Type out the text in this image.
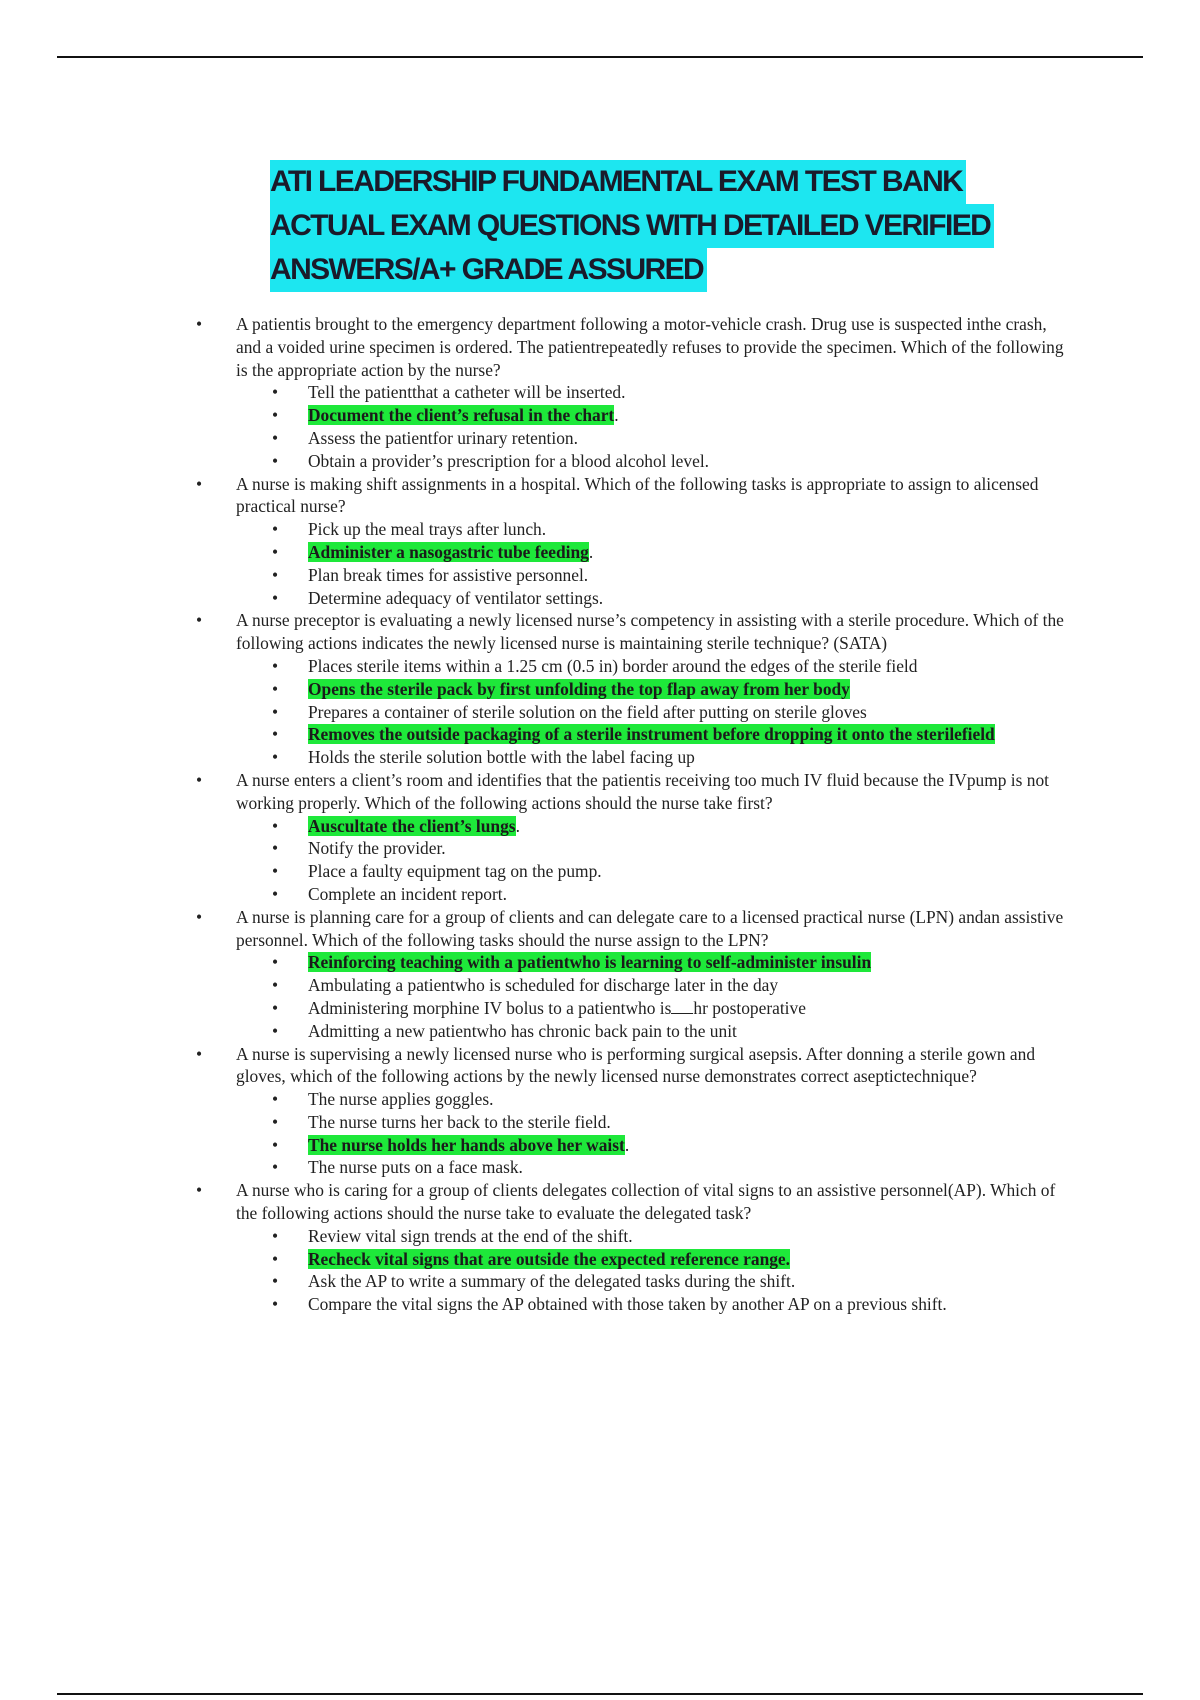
ATI LEADERSHIP FUNDAMENTAL EXAM TEST BANK
ACTUAL EXAM QUESTIONS WITH DETAILED VERIFIED
ANSWERS/A+ GRADE ASSURED
• A patientis brought to the emergency department following a motor-vehicle crash. Drug use is suspected inthe crash, and a voided urine specimen is ordered. The patientrepeatedly refuses to provide the specimen. Which of the following is the appropriate action by the nurse?
• Tell the patientthat a catheter will be inserted.
• Document the client’s refusal in the chart.
• Assess the patientfor urinary retention.
• Obtain a provider’s prescription for a blood alcohol level.
• A nurse is making shift assignments in a hospital. Which of the following tasks is appropriate to assign to alicensed practical nurse?
• Pick up the meal trays after lunch.
• Administer a nasogastric tube feeding.
• Plan break times for assistive personnel.
• Determine adequacy of ventilator settings.
• A nurse preceptor is evaluating a newly licensed nurse’s competency in assisting with a sterile procedure. Which of the following actions indicates the newly licensed nurse is maintaining sterile technique? (SATA)
• Places sterile items within a 1.25 cm (0.5 in) border around the edges of the sterile field
• Opens the sterile pack by first unfolding the top flap away from her body
• Prepares a container of sterile solution on the field after putting on sterile gloves
• Removes the outside packaging of a sterile instrument before dropping it onto the sterilefield
• Holds the sterile solution bottle with the label facing up
• A nurse enters a client’s room and identifies that the patientis receiving too much IV fluid because the IVpump is not working properly. Which of the following actions should the nurse take first?
• Auscultate the client’s lungs.
• Notify the provider.
• Place a faulty equipment tag on the pump.
• Complete an incident report.
• A nurse is planning care for a group of clients and can delegate care to a licensed practical nurse (LPN) andan assistive personnel. Which of the following tasks should the nurse assign to the LPN?
• Reinforcing teaching with a patientwho is learning to self-administer insulin
• Ambulating a patientwho is scheduled for discharge later in the day
• Administering morphine IV bolus to a patientwho is hr postoperative
• Admitting a new patientwho has chronic back pain to the unit
• A nurse is supervising a newly licensed nurse who is performing surgical asepsis. After donning a sterile gown and gloves, which of the following actions by the newly licensed nurse demonstrates correct aseptictechnique?
• The nurse applies goggles.
• The nurse turns her back to the sterile field.
• The nurse holds her hands above her waist.
• The nurse puts on a face mask.
• A nurse who is caring for a group of clients delegates collection of vital signs to an assistive personnel(AP). Which of the following actions should the nurse take to evaluate the delegated task?
• Review vital sign trends at the end of the shift.
• Recheck vital signs that are outside the expected reference range.
• Ask the AP to write a summary of the delegated tasks during the shift.
• Compare the vital signs the AP obtained with those taken by another AP on a previous shift.
